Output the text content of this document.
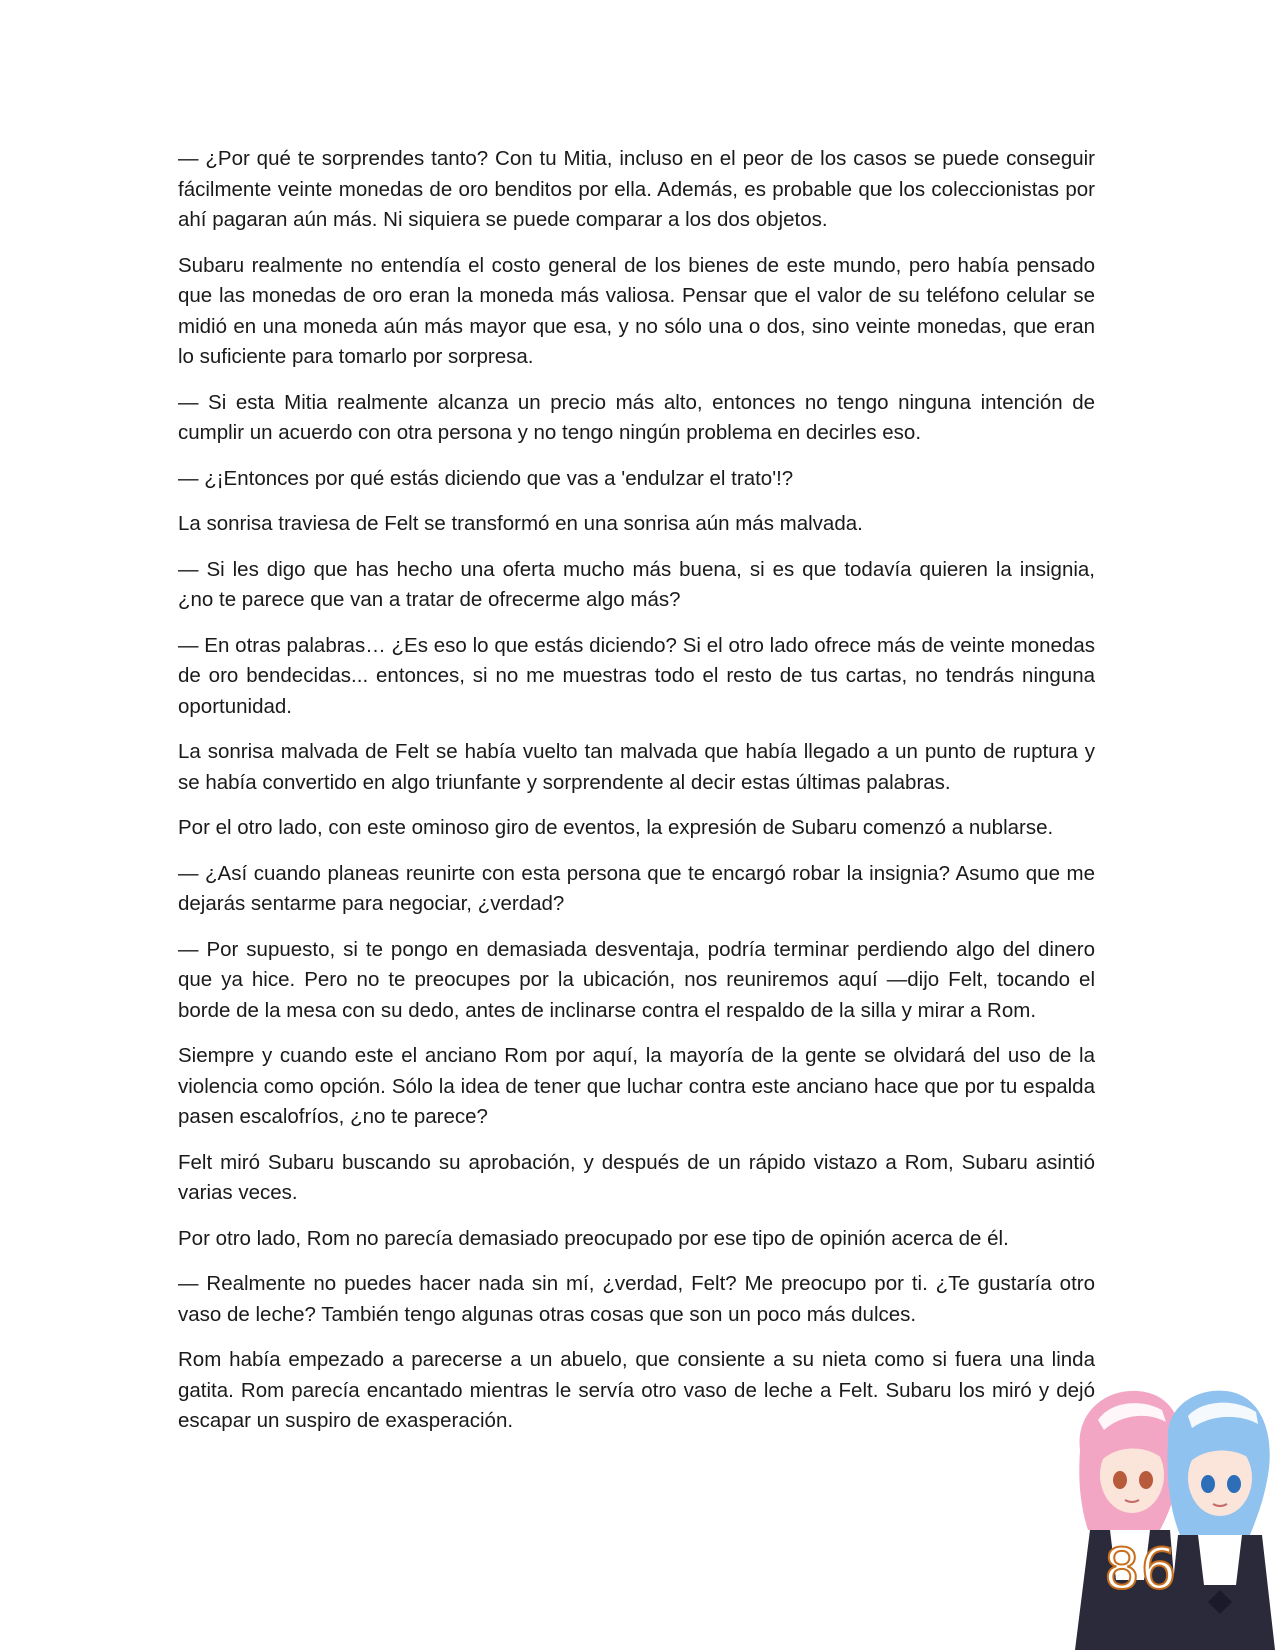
— ¿Por qué te sorprendes tanto? Con tu Mitia, incluso en el peor de los casos se puede conseguir fácilmente veinte monedas de oro benditos por ella. Además, es probable que los coleccionistas por ahí pagaran aún más. Ni siquiera se puede comparar a los dos objetos.

Subaru realmente no entendía el costo general de los bienes de este mundo, pero había pensado que las monedas de oro eran la moneda más valiosa. Pensar que el valor de su teléfono celular se midió en una moneda aún más mayor que esa, y no sólo una o dos, sino veinte monedas, que eran lo suficiente para tomarlo por sorpresa.

— Si esta Mitia realmente alcanza un precio más alto, entonces no tengo ninguna intención de cumplir un acuerdo con otra persona y no tengo ningún problema en decirles eso.

— ¿¡Entonces por qué estás diciendo que vas a 'endulzar el trato'!?

La sonrisa traviesa de Felt se transformó en una sonrisa aún más malvada.

— Si les digo que has hecho una oferta mucho más buena, si es que todavía quieren la insignia, ¿no te parece que van a tratar de ofrecerme algo más?

— En otras palabras… ¿Es eso lo que estás diciendo? Si el otro lado ofrece más de veinte monedas de oro bendecidas... entonces, si no me muestras todo el resto de tus cartas, no tendrás ninguna oportunidad.

La sonrisa malvada de Felt se había vuelto tan malvada que había llegado a un punto de ruptura y se había convertido en algo triunfante y sorprendente al decir estas últimas palabras.

Por el otro lado, con este ominoso giro de eventos, la expresión de Subaru comenzó a nublarse.

— ¿Así cuando planeas reunirte con esta persona que te encargó robar la insignia? Asumo que me dejarás sentarme para negociar, ¿verdad?

— Por supuesto, si te pongo en demasiada desventaja, podría terminar perdiendo algo del dinero que ya hice. Pero no te preocupes por la ubicación, nos reuniremos aquí —dijo Felt, tocando el borde de la mesa con su dedo, antes de inclinarse contra el respaldo de la silla y mirar a Rom.

Siempre y cuando este el anciano Rom por aquí, la mayoría de la gente se olvidará del uso de la violencia como opción. Sólo la idea de tener que luchar contra este anciano hace que por tu espalda pasen escalofríos, ¿no te parece?

Felt miró Subaru buscando su aprobación, y después de un rápido vistazo a Rom, Subaru asintió varias veces.

Por otro lado, Rom no parecía demasiado preocupado por ese tipo de opinión acerca de él.

— Realmente no puedes hacer nada sin mí, ¿verdad, Felt? Me preocupo por ti. ¿Te gustaría otro vaso de leche? También tengo algunas otras cosas que son un poco más dulces.

Rom había empezado a parecerse a un abuelo, que consiente a su nieta como si fuera una linda gatita. Rom parecía encantado mientras le servía otro vaso de leche a Felt. Subaru los miró y dejó escapar un suspiro de exasperación.

86
